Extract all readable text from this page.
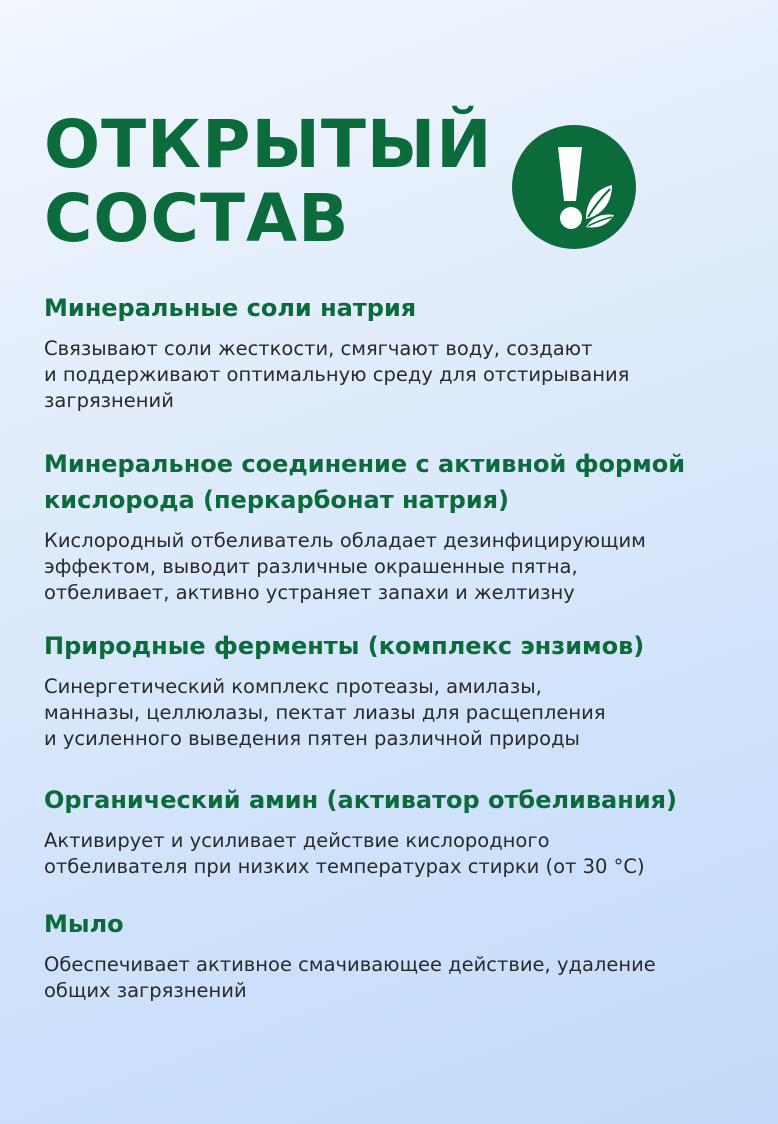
ОТКРЫТЫЙ
СОСТАВ
Минеральные соли натрия

Связывают соли жесткости, смягчают воду, создают
и поддерживают оптимальную среду для отстирывания
загрязнений

Минеральное соединение с активной формой
кислорода (перкарбонат натрия)

Кислородный отбеливатель обладает дезинфицирующим
эффектом, выводит различные окрашенные пятна,
отбеливает, активно устраняет запахи и желтизну

Природные ферменты (комплекс энзимов)

Синергетический комплекс протеазы, амилазы,
манназы, целлюлазы, пектат лиазы для расщепления
и усиленного выведения пятен различной природы

Органический амин (активатор отбеливания)

Активирует и усиливает действие кислородного
отбеливателя при низких температурах стирки (от 30 °С)

Мыло

Обеспечивает активное смачивающее действие, удаление
общих загрязнений
